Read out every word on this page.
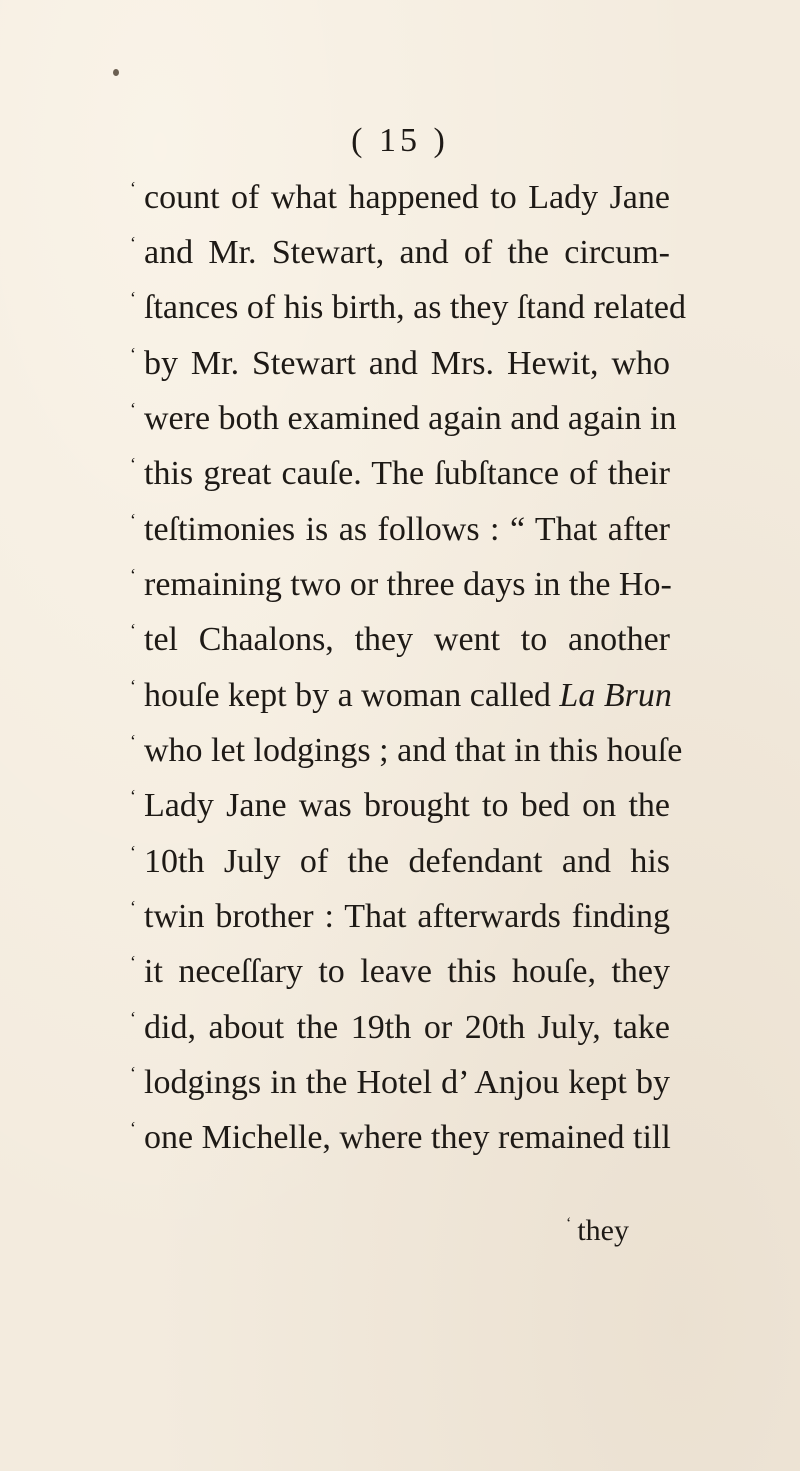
( 15 )
‘ count of what happened to Lady Jane
‘ and Mr. Stewart, and of the circum-
‘ ſtances of his birth, as they ſtand related
‘ by Mr. Stewart and Mrs. Hewit, who
‘ were both examined again and again in
‘ this great cauſe. The ſubſtance of their
‘ teſtimonies is as follows : “ That after
‘ remaining two or three days in the Ho-
‘ tel Chaalons, they went to another
‘ houſe kept by a woman called La Brun
‘ who let lodgings ; and that in this houſe
‘ Lady Jane was brought to bed on the
‘ 10th July of the defendant and his
‘ twin brother : That afterwards finding
‘ it neceſſary to leave this houſe, they
‘ did, about the 19th or 20th July, take
‘ lodgings in the Hotel d’ Anjou kept by
‘ one Michelle, where they remained till
‘ they
